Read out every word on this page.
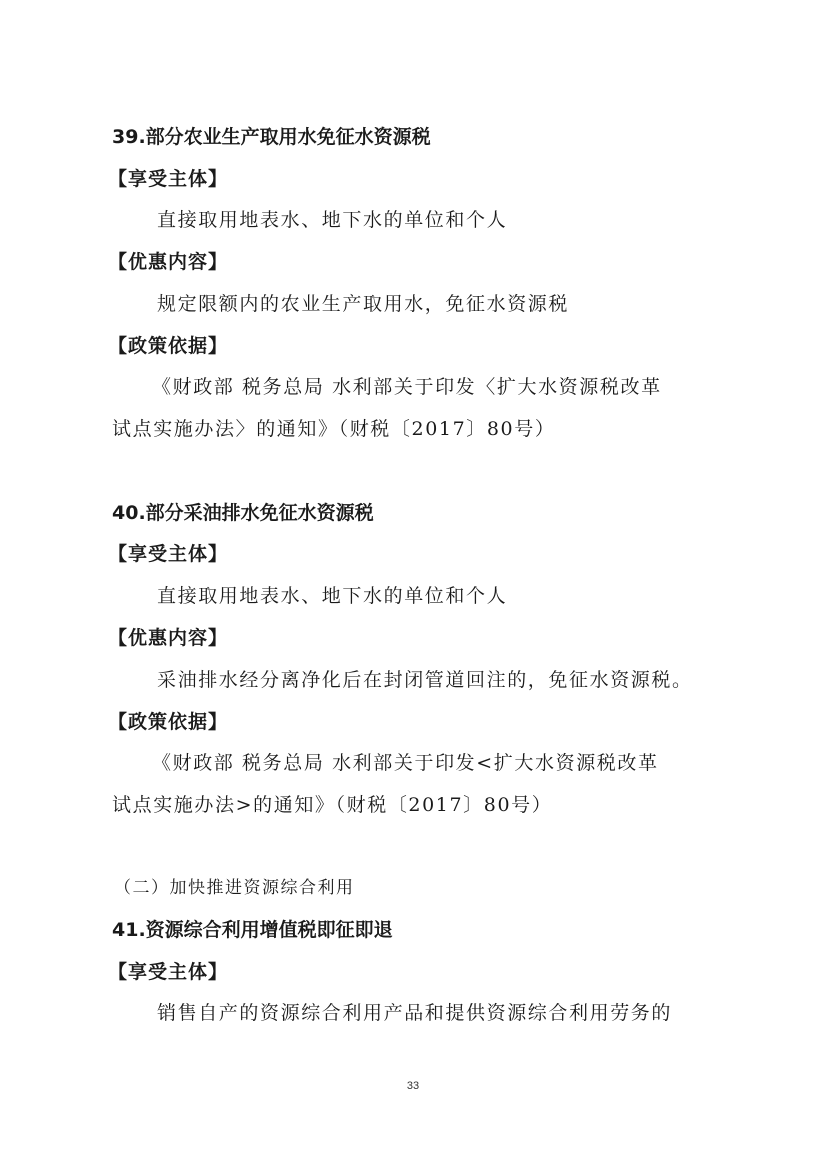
39.部分农业生产取用水免征水资源税
【享受主体】
直接取用地表水、地下水的单位和个人
【优惠内容】
规定限额内的农业生产取用水，免征水资源税
【政策依据】
《财政部 税务总局 水利部关于印发〈扩大水资源税改革
试点实施办法〉的通知》（财税〔2017〕80号）
40.部分采油排水免征水资源税
【享受主体】
直接取用地表水、地下水的单位和个人
【优惠内容】
采油排水经分离净化后在封闭管道回注的，免征水资源税。
【政策依据】
《财政部 税务总局 水利部关于印发<扩大水资源税改革
试点实施办法>的通知》（财税〔2017〕80号）
（二）加快推进资源综合利用
41.资源综合利用增值税即征即退
【享受主体】
销售自产的资源综合利用产品和提供资源综合利用劳务的
33
